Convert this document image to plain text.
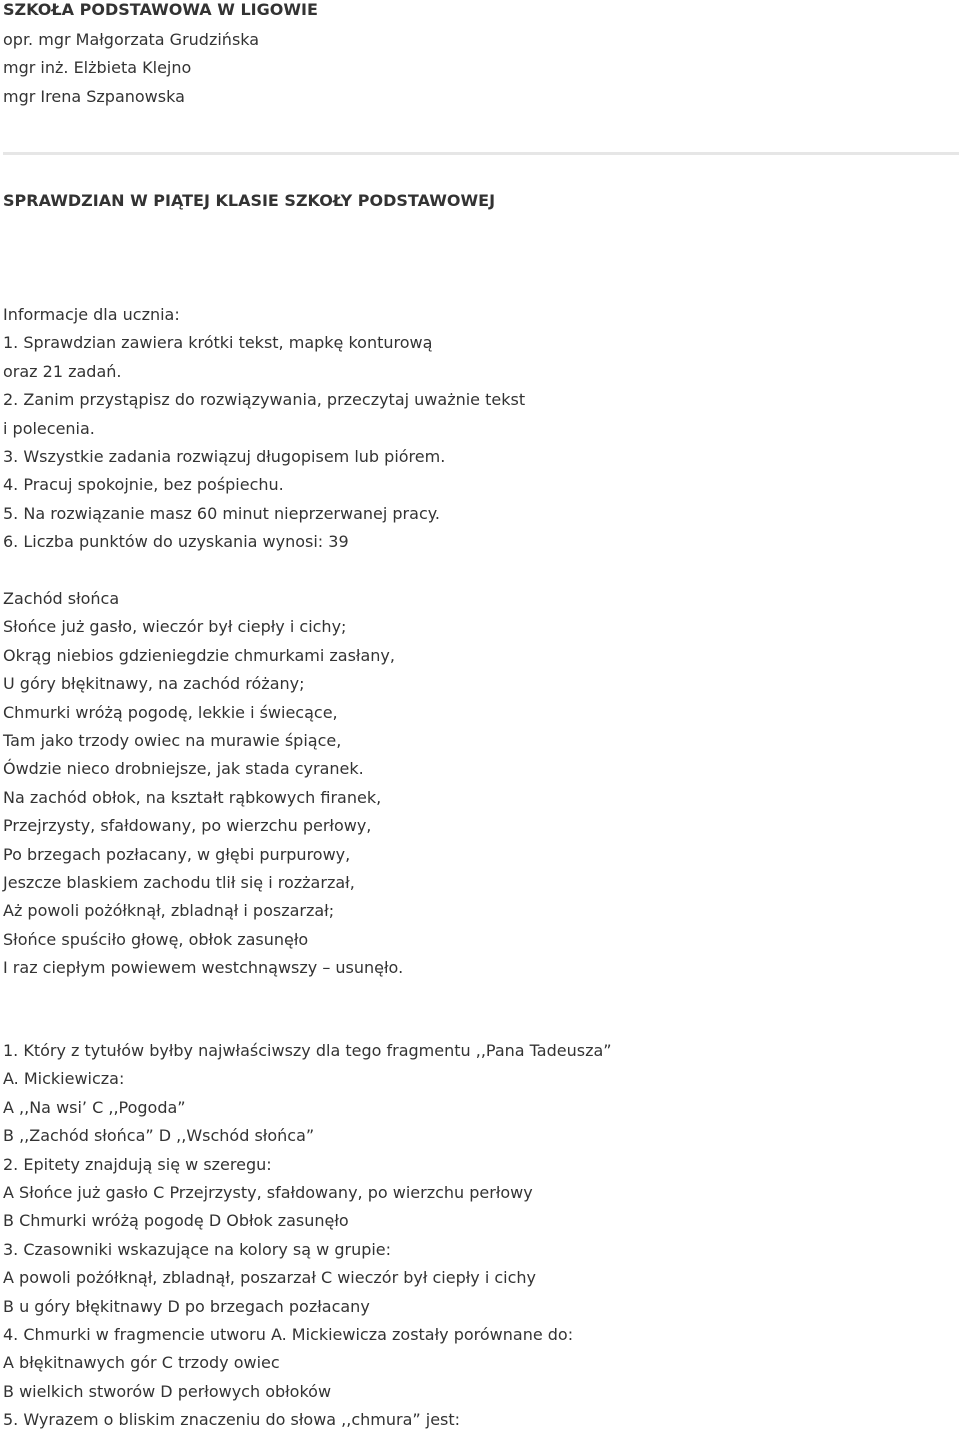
SZKOŁA PODSTAWOWA W LIGOWIE
opr. mgr Małgorzata Grudzińska
mgr inż. Elżbieta Klejno
mgr Irena Szpanowska
SPRAWDZIAN W PIĄTEJ KLASIE SZKOŁY PODSTAWOWEJ
Informacje dla ucznia:
1. Sprawdzian zawiera krótki tekst, mapkę konturową
oraz 21 zadań.
2. Zanim przystąpisz do rozwiązywania, przeczytaj uważnie tekst
i polecenia.
3. Wszystkie zadania rozwiązuj długopisem lub piórem.
4. Pracuj spokojnie, bez pośpiechu.
5. Na rozwiązanie masz 60 minut nieprzerwanej pracy.
6. Liczba punktów do uzyskania wynosi: 39
Zachód słońca
Słońce już gasło, wieczór był ciepły i cichy;
Okrąg niebios gdzieniegdzie chmurkami zasłany,
U góry błękitnawy, na zachód różany;
Chmurki wróżą pogodę, lekkie i świecące,
Tam jako trzody owiec na murawie śpiące,
Ówdzie nieco drobniejsze, jak stada cyranek.
Na zachód obłok, na kształt rąbkowych firanek,
Przejrzysty, sfałdowany, po wierzchu perłowy,
Po brzegach pozłacany, w głębi purpurowy,
Jeszcze blaskiem zachodu tlił się i rozżarzał,
Aż powoli pożółknął, zbladnął i poszarzał;
Słońce spuściło głowę, obłok zasunęło
I raz ciepłym powiewem westchnąwszy – usunęło.
1. Który z tytułów byłby najwłaściwszy dla tego fragmentu ,,Pana Tadeusza”
A. Mickiewicza:
A ,,Na wsi’ C ,,Pogoda”
B ,,Zachód słońca” D ,,Wschód słońca”
2. Epitety znajdują się w szeregu:
A Słońce już gasło C Przejrzysty, sfałdowany, po wierzchu perłowy
B Chmurki wróżą pogodę D Obłok zasunęło
3. Czasowniki wskazujące na kolory są w grupie:
A powoli pożółknął, zbladnął, poszarzał C wieczór był ciepły i cichy
B u góry błękitnawy D po brzegach pozłacany
4. Chmurki w fragmencie utworu A. Mickiewicza zostały porównane do:
A błękitnawych gór C trzody owiec
B wielkich stworów D perłowych obłoków
5. Wyrazem o bliskim znaczeniu do słowa ,,chmura” jest:
